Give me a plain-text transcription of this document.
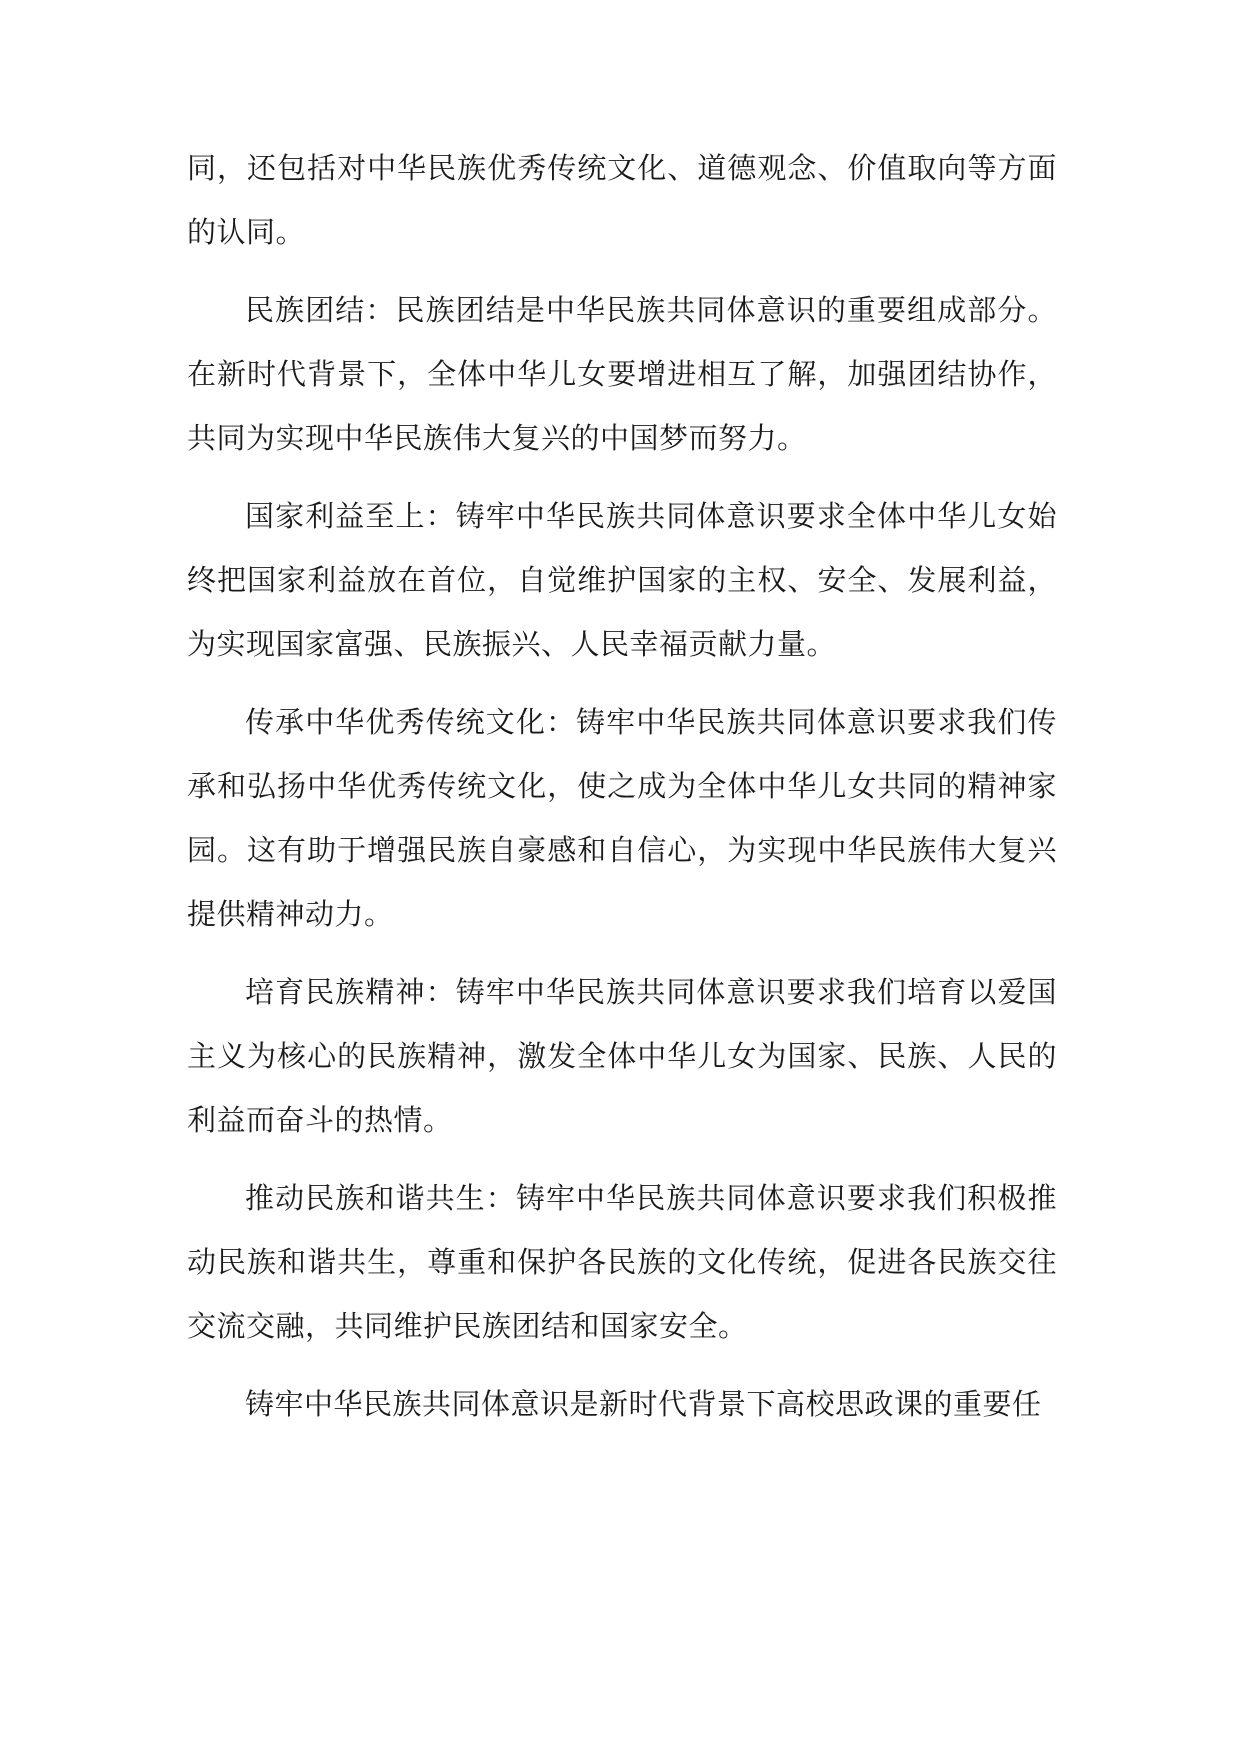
同，还包括对中华民族优秀传统文化、道德观念、价值取向等方面的认同。

民族团结：民族团结是中华民族共同体意识的重要组成部分。在新时代背景下，全体中华儿女要增进相互了解，加强团结协作，共同为实现中华民族伟大复兴的中国梦而努力。

国家利益至上：铸牢中华民族共同体意识要求全体中华儿女始终把国家利益放在首位，自觉维护国家的主权、安全、发展利益，为实现国家富强、民族振兴、人民幸福贡献力量。

传承中华优秀传统文化：铸牢中华民族共同体意识要求我们传承和弘扬中华优秀传统文化，使之成为全体中华儿女共同的精神家园。这有助于增强民族自豪感和自信心，为实现中华民族伟大复兴提供精神动力。

培育民族精神：铸牢中华民族共同体意识要求我们培育以爱国主义为核心的民族精神，激发全体中华儿女为国家、民族、人民的利益而奋斗的热情。

推动民族和谐共生：铸牢中华民族共同体意识要求我们积极推动民族和谐共生，尊重和保护各民族的文化传统，促进各民族交往交流交融，共同维护民族团结和国家安全。

铸牢中华民族共同体意识是新时代背景下高校思政课的重要任
